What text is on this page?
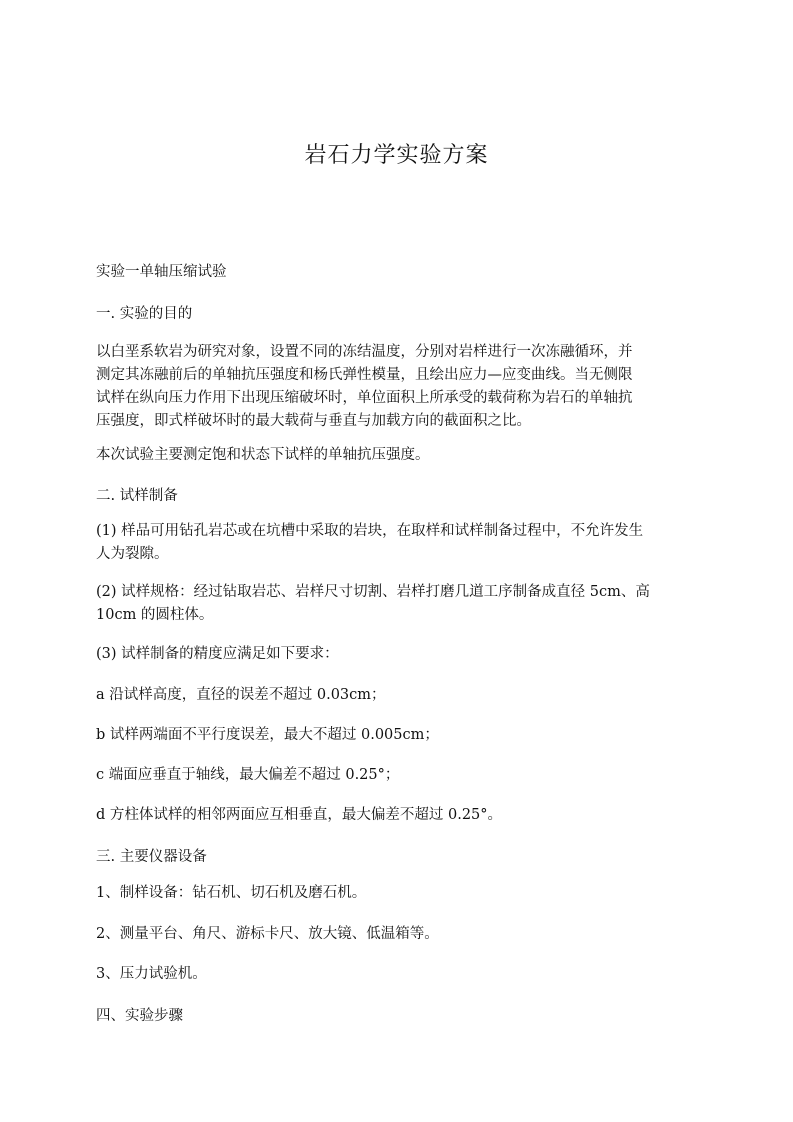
岩石力学实验方案

实验一单轴压缩试验

一. 实验的目的

以白垩系软岩为研究对象，设置不同的冻结温度，分别对岩样进行一次冻融循环，并
测定其冻融前后的单轴抗压强度和杨氏弹性模量，且绘出应力—应变曲线。当无侧限
试样在纵向压力作用下出现压缩破坏时，单位面积上所承受的载荷称为岩石的单轴抗
压强度，即式样破坏时的最大载荷与垂直与加载方向的截面积之比。

本次试验主要测定饱和状态下试样的单轴抗压强度。

二. 试样制备

(1) 样品可用钻孔岩芯或在坑槽中采取的岩块，在取样和试样制备过程中，不允许发生
人为裂隙。
(2) 试样规格：经过钻取岩芯、岩样尺寸切割、岩样打磨几道工序制备成直径 5cm、高
10cm 的圆柱体。

(3) 试样制备的精度应满足如下要求：

a 沿试样高度，直径的误差不超过 0.03cm；

b 试样两端面不平行度误差，最大不超过 0.005cm；

c 端面应垂直于轴线，最大偏差不超过 0.25°；

d 方柱体试样的相邻两面应互相垂直，最大偏差不超过 0.25°。

三. 主要仪器设备

1、制样设备：钻石机、切石机及磨石机。

2、测量平台、角尺、游标卡尺、放大镜、低温箱等。

3、压力试验机。

四、实验步骤
